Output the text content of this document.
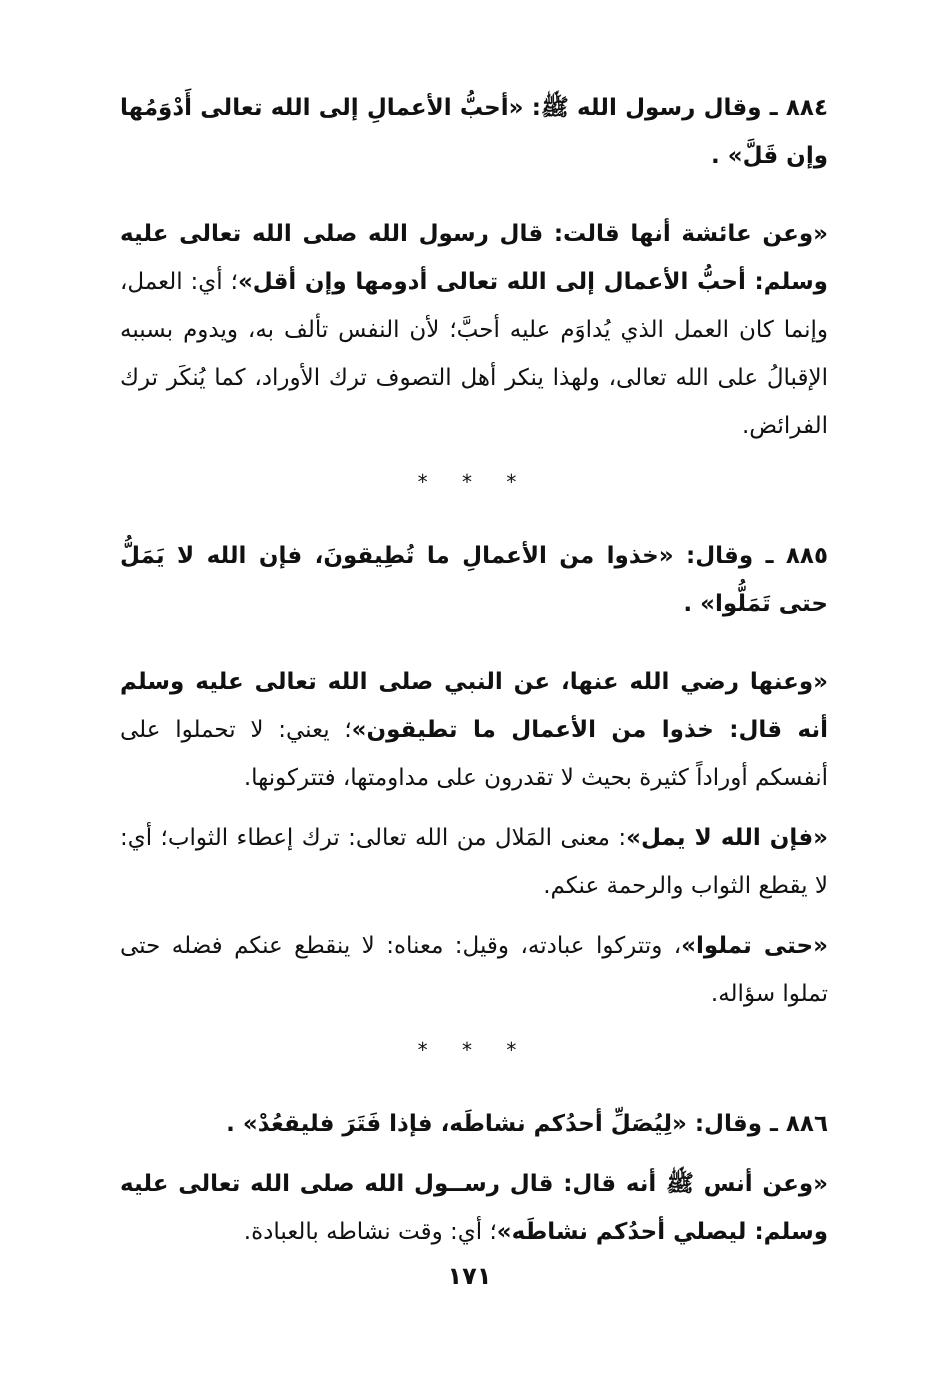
٨٨٤ ـ وقال رسول الله ﷺ: «أحبُّ الأعمالِ إلى الله تعالى أَدْوَمُها وإن قَلَّ» .

«وعن عائشة أنها قالت: قال رسول الله صلى الله تعالى عليه وسلم: أحبُّ الأعمال إلى الله تعالى أدومها وإن أقل»؛ أي: العمل، وإنما كان العمل الذي يُداوَم عليه أحبَّ؛ لأن النفس تألف به، ويدوم بسببه الإقبالُ على الله تعالى، ولهذا ينكر أهل التصوف ترك الأوراد، كما يُنكَر ترك الفرائض.

* * *

٨٨٥ ـ وقال: «خذوا من الأعمالِ ما تُطِيقونَ، فإن الله لا يَمَلُّ حتى تَمَلُّوا» .

«وعنها رضي الله عنها، عن النبي صلى الله تعالى عليه وسلم أنه قال: خذوا من الأعمال ما تطيقون»؛ يعني: لا تحملوا على أنفسكم أوراداً كثيرة بحيث لا تقدرون على مداومتها، فتتركونها.

«فإن الله لا يمل»: معنى المَلال من الله تعالى: ترك إعطاء الثواب؛ أي: لا يقطع الثواب والرحمة عنكم.

«حتى تملوا»، وتتركوا عبادته، وقيل: معناه: لا ينقطع عنكم فضله حتى تملوا سؤاله.

* * *

٨٨٦ ـ وقال: «لِيُصَلِّ أحدُكم نشاطَه، فإذا فَتَرَ فليقعُدْ» .

«وعن أنس ﷺ أنه قال: قال رســول الله صلى الله تعالى عليه وسلم: ليصلي أحدُكم نشاطَه»؛ أي: وقت نشاطه بالعبادة.

١٧١
